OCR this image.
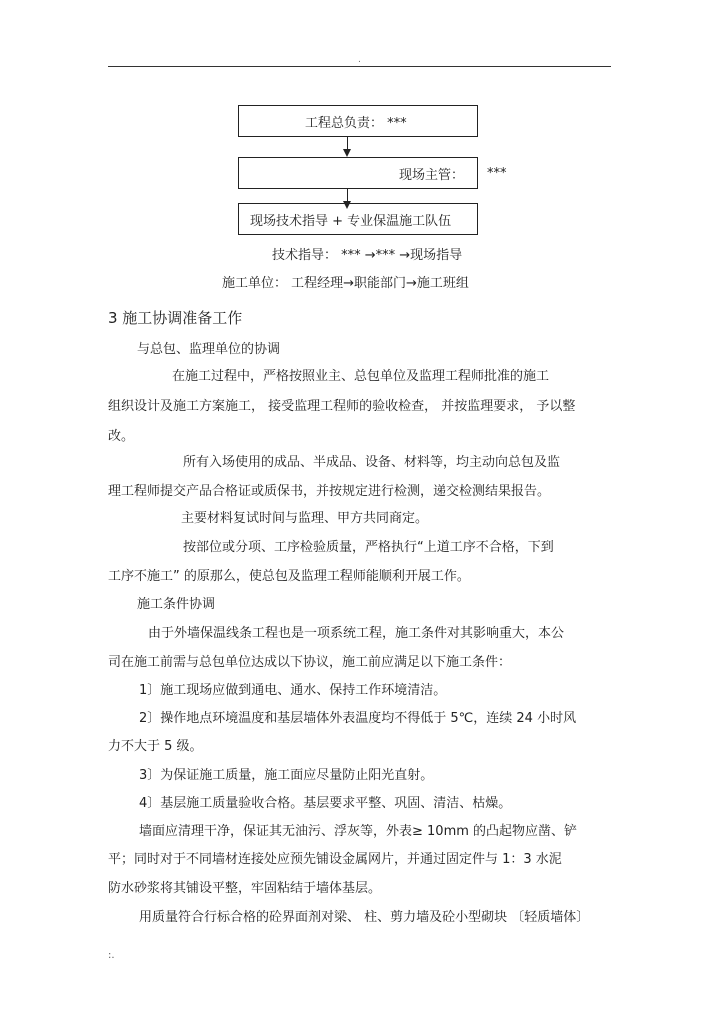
.
工程总负责： ***
现场主管： ***
现场技术指导 + 专业保温施工队伍
技术指导： *** →*** →现场指导
施工单位： 工程经理→职能部门→施工班组
3 施工协调准备工作
与总包、监理单位的协调
在施工过程中，严格按照业主、总包单位及监理工程师批准的施工
组织设计及施工方案施工， 接受监理工程师的验收检查， 并按监理要求， 予以整
改。
所有入场使用的成品、半成品、设备、材料等，均主动向总包及监
理工程师提交产品合格证或质保书，并按规定进行检测，递交检测结果报告。
主要材料复试时间与监理、甲方共同商定。
按部位或分项、工序检验质量，严格执行“上道工序不合格，下到
工序不施工” 的原那么，使总包及监理工程师能顺利开展工作。
施工条件协调
由于外墙保温线条工程也是一项系统工程，施工条件对其影响重大，本公
司在施工前需与总包单位达成以下协议，施工前应满足以下施工条件：
1〕施工现场应做到通电、通水、保持工作环境清洁。
2〕操作地点环境温度和基层墙体外表温度均不得低于 5℃，连续 24 小时风
力不大于 5 级。
3〕为保证施工质量，施工面应尽量防止阳光直射。
4〕基层施工质量验收合格。基层要求平整、巩固、清洁、枯燥。
墙面应清理干净，保证其无油污、浮灰等，外表≥ 10mm 的凸起物应凿、铲
平；同时对于不同墙材连接处应预先铺设金属网片，并通过固定件与 1：3 水泥
防水砂浆将其铺设平整，牢固粘结于墙体基层。
用质量符合行标合格的砼界面剂对梁、 柱、剪力墙及砼小型砌块 〔轻质墙体〕
:.
